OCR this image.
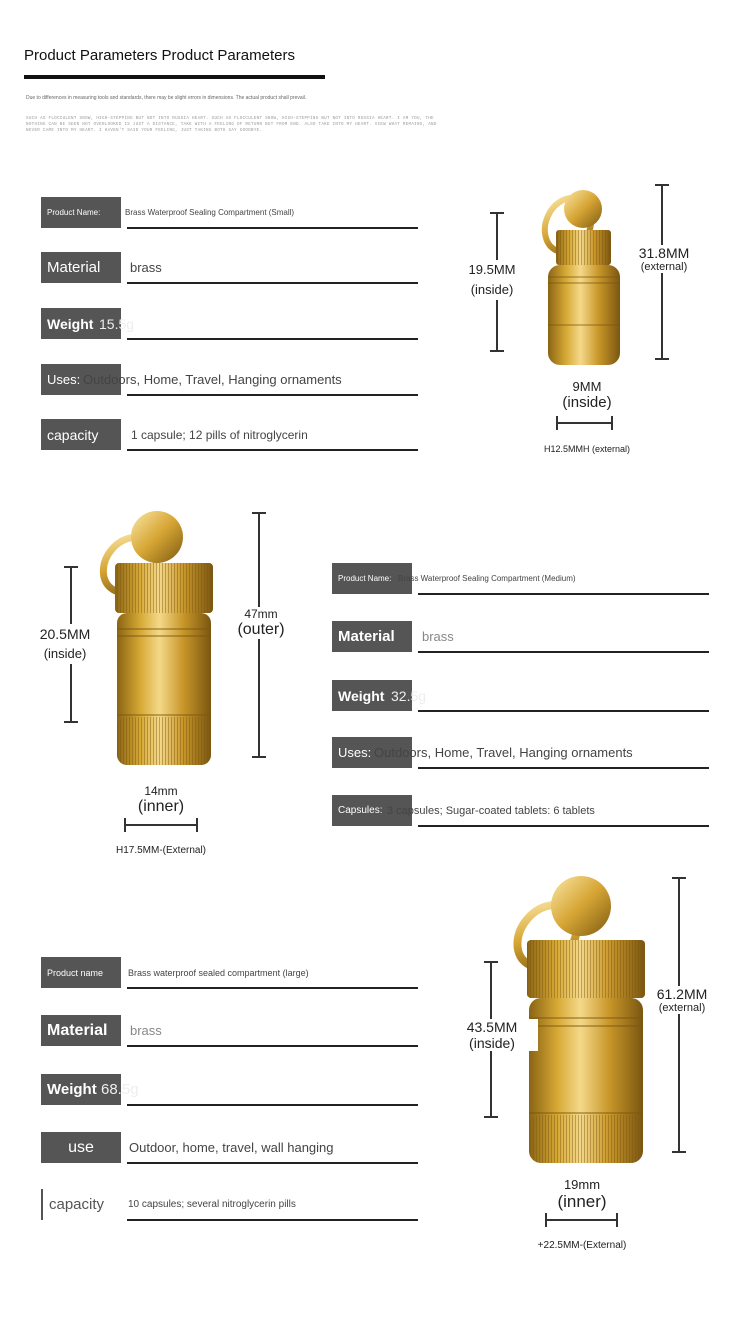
Product Parameters Product Parameters
Due to differences in measuring tools and standards, there may be slight errors in dimensions. The actual product shall prevail.
SUCH AS FLOCCULENT SNOW, HIGH-STEPPING BUT NOT INTO RUSSIA HEART. SUCH AS FLOCCULENT SNOW, HIGH-STEPPING BUT NOT INTO RUSSIA HEART. I AM YOU, THE NOTHING CAN BE SEEN NOT OVERLOOKED IS JUST A DISTANCE, TAKE WITH A FEELING OF RETURN BUT FROM END. ALSO TAKE INTO MY HEART. VIEW WHAT REMAINS, AND NEVER CAME INTO MY HEART. I HAVEN'T SAID YOUR FEELING, JUST TAKING BOTH SAY GOODBYE.
Product Name:	Brass Waterproof Sealing Compartment (Small)
Material	brass
Weight 15.5g
Uses: Outdoors, Home, Travel, Hanging ornaments
capacity	1 capsule; 12 pills of nitroglycerin
19.5MM
(inside)
31.8MM
(external)
9MM
(inside)
H12.5MMH (external)
20.5MM
(inside)
47mm
(outer)
14mm
(inner)
H17.5MM-(External)
Product Name: Brass Waterproof Sealing Compartment (Medium)
Material	brass
Weight 32.5g
Uses: Outdoors, Home, Travel, Hanging ornaments
Capsules: 3 capsules; Sugar-coated tablets: 6 tablets
Product name	Brass waterproof sealed compartment (large)
Material	brass
Weight 68.5g
use	Outdoor, home, travel, wall hanging
capacity	10 capsules; several nitroglycerin pills
43.5MM
(inside)
61.2MM
(external)
19mm
(inner)
+22.5MM-(External)
